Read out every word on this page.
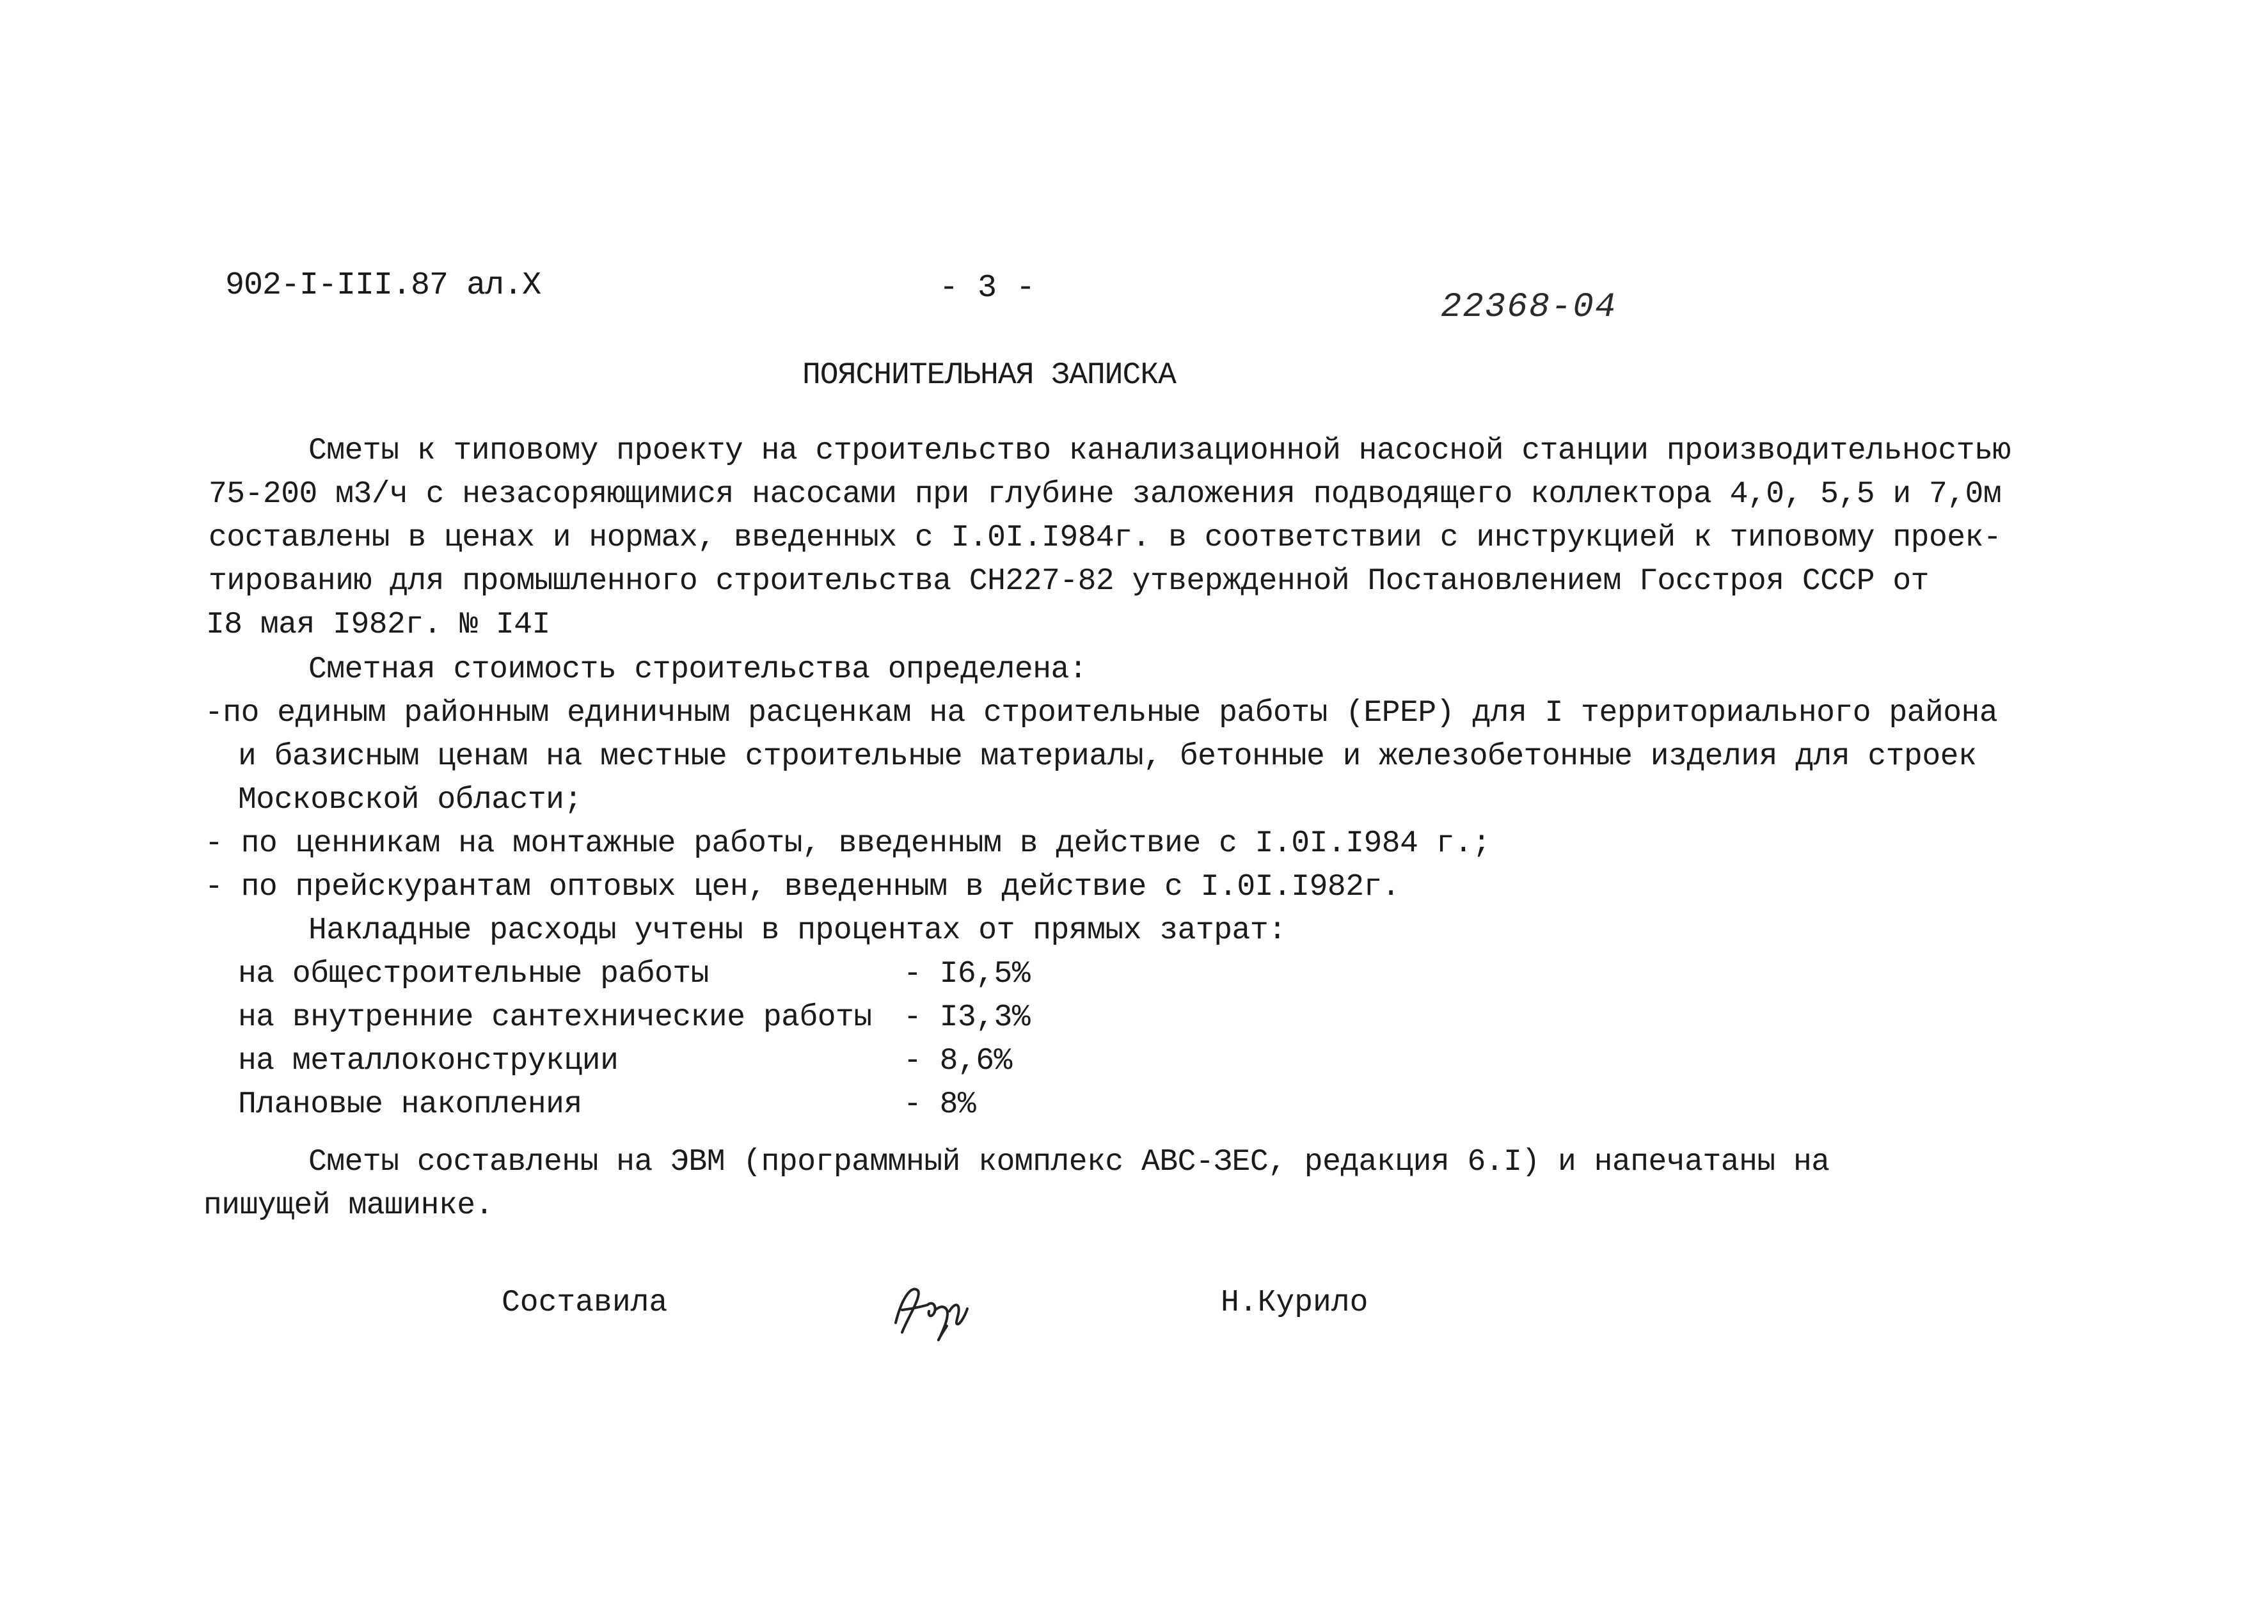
902-I-III.87 ал.X	- 3 -	22368-04
ПОЯСНИТЕЛЬНАЯ ЗАПИСКА
Сметы к типовому проекту на строительство канализационной насосной станции производительностью
75-200 м3/ч с незасоряющимися насосами при глубине заложения подводящего коллектора 4,0, 5,5 и 7,0м
составлены в ценах и нормах, введенных с I.0I.I984г. в соответствии с инструкцией к типовому проек-
тированию для промышленного строительства СН227-82 утвержденной Постановлением Госстроя СССР от
I8 мая I982г. № I4I
Сметная стоимость строительства определена:
-по единым районным единичным расценкам на строительные работы (ЕРЕР) для I территориального района
и базисным ценам на местные строительные материалы, бетонные и железобетонные изделия для строек
Московской области;
- по ценникам на монтажные работы, введенным в действие с I.0I.I984 г.;
- по прейскурантам оптовых цен, введенным в действие с I.0I.I982г.
Накладные расходы учтены в процентах от прямых затрат:
на общестроительные работы	- I6,5%
на внутренние сантехнические работы - I3,3%
на металлоконструкции	- 8,6%
Плановые накопления	- 8%
Сметы составлены на ЭВМ (программный комплекс АВС-ЗЕС, редакция 6.I) и напечатаны на
пишущей машинке.
Составила	Н.Курило
